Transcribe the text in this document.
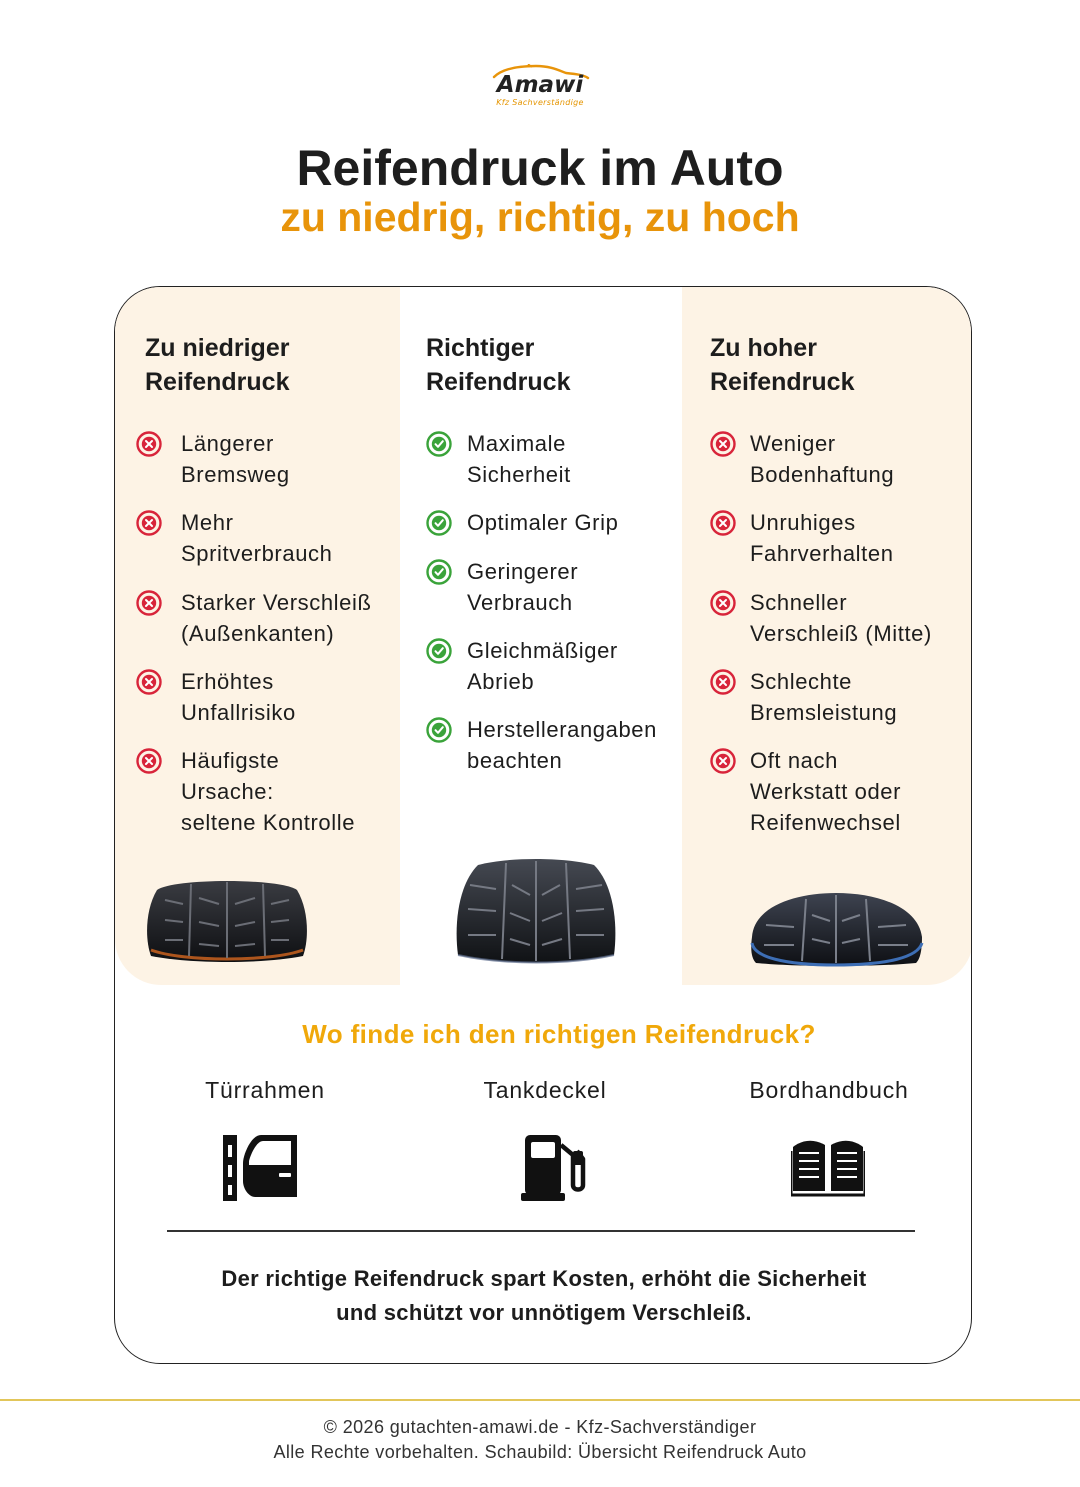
Amawi
Kfz Sachverständige
Reifendruck im Auto
zu niedrig, richtig, zu hoch
Zu niedriger
Reifendruck
Längerer
Bremsweg
Mehr
Spritverbrauch
Starker Verschleiß
(Außenkanten)
Erhöhtes
Unfallrisiko
Häufigste
Ursache:
seltene Kontrolle
Richtiger
Reifendruck
Maximale
Sicherheit
Optimaler Grip
Geringerer
Verbrauch
Gleichmäßiger
Abrieb
Herstellerangaben
beachten
Zu hoher
Reifendruck
Weniger
Bodenhaftung
Unruhiges
Fahrverhalten
Schneller
Verschleiß (Mitte)
Schlechte
Bremsleistung
Oft nach
Werkstatt oder
Reifenwechsel
Wo finde ich den richtigen Reifendruck?
Türrahmen	Tankdeckel	Bordhandbuch
Der richtige Reifendruck spart Kosten, erhöht die Sicherheit
und schützt vor unnötigem Verschleiß.
© 2026 gutachten-amawi.de - Kfz-Sachverständiger
Alle Rechte vorbehalten. Schaubild: Übersicht Reifendruck Auto
